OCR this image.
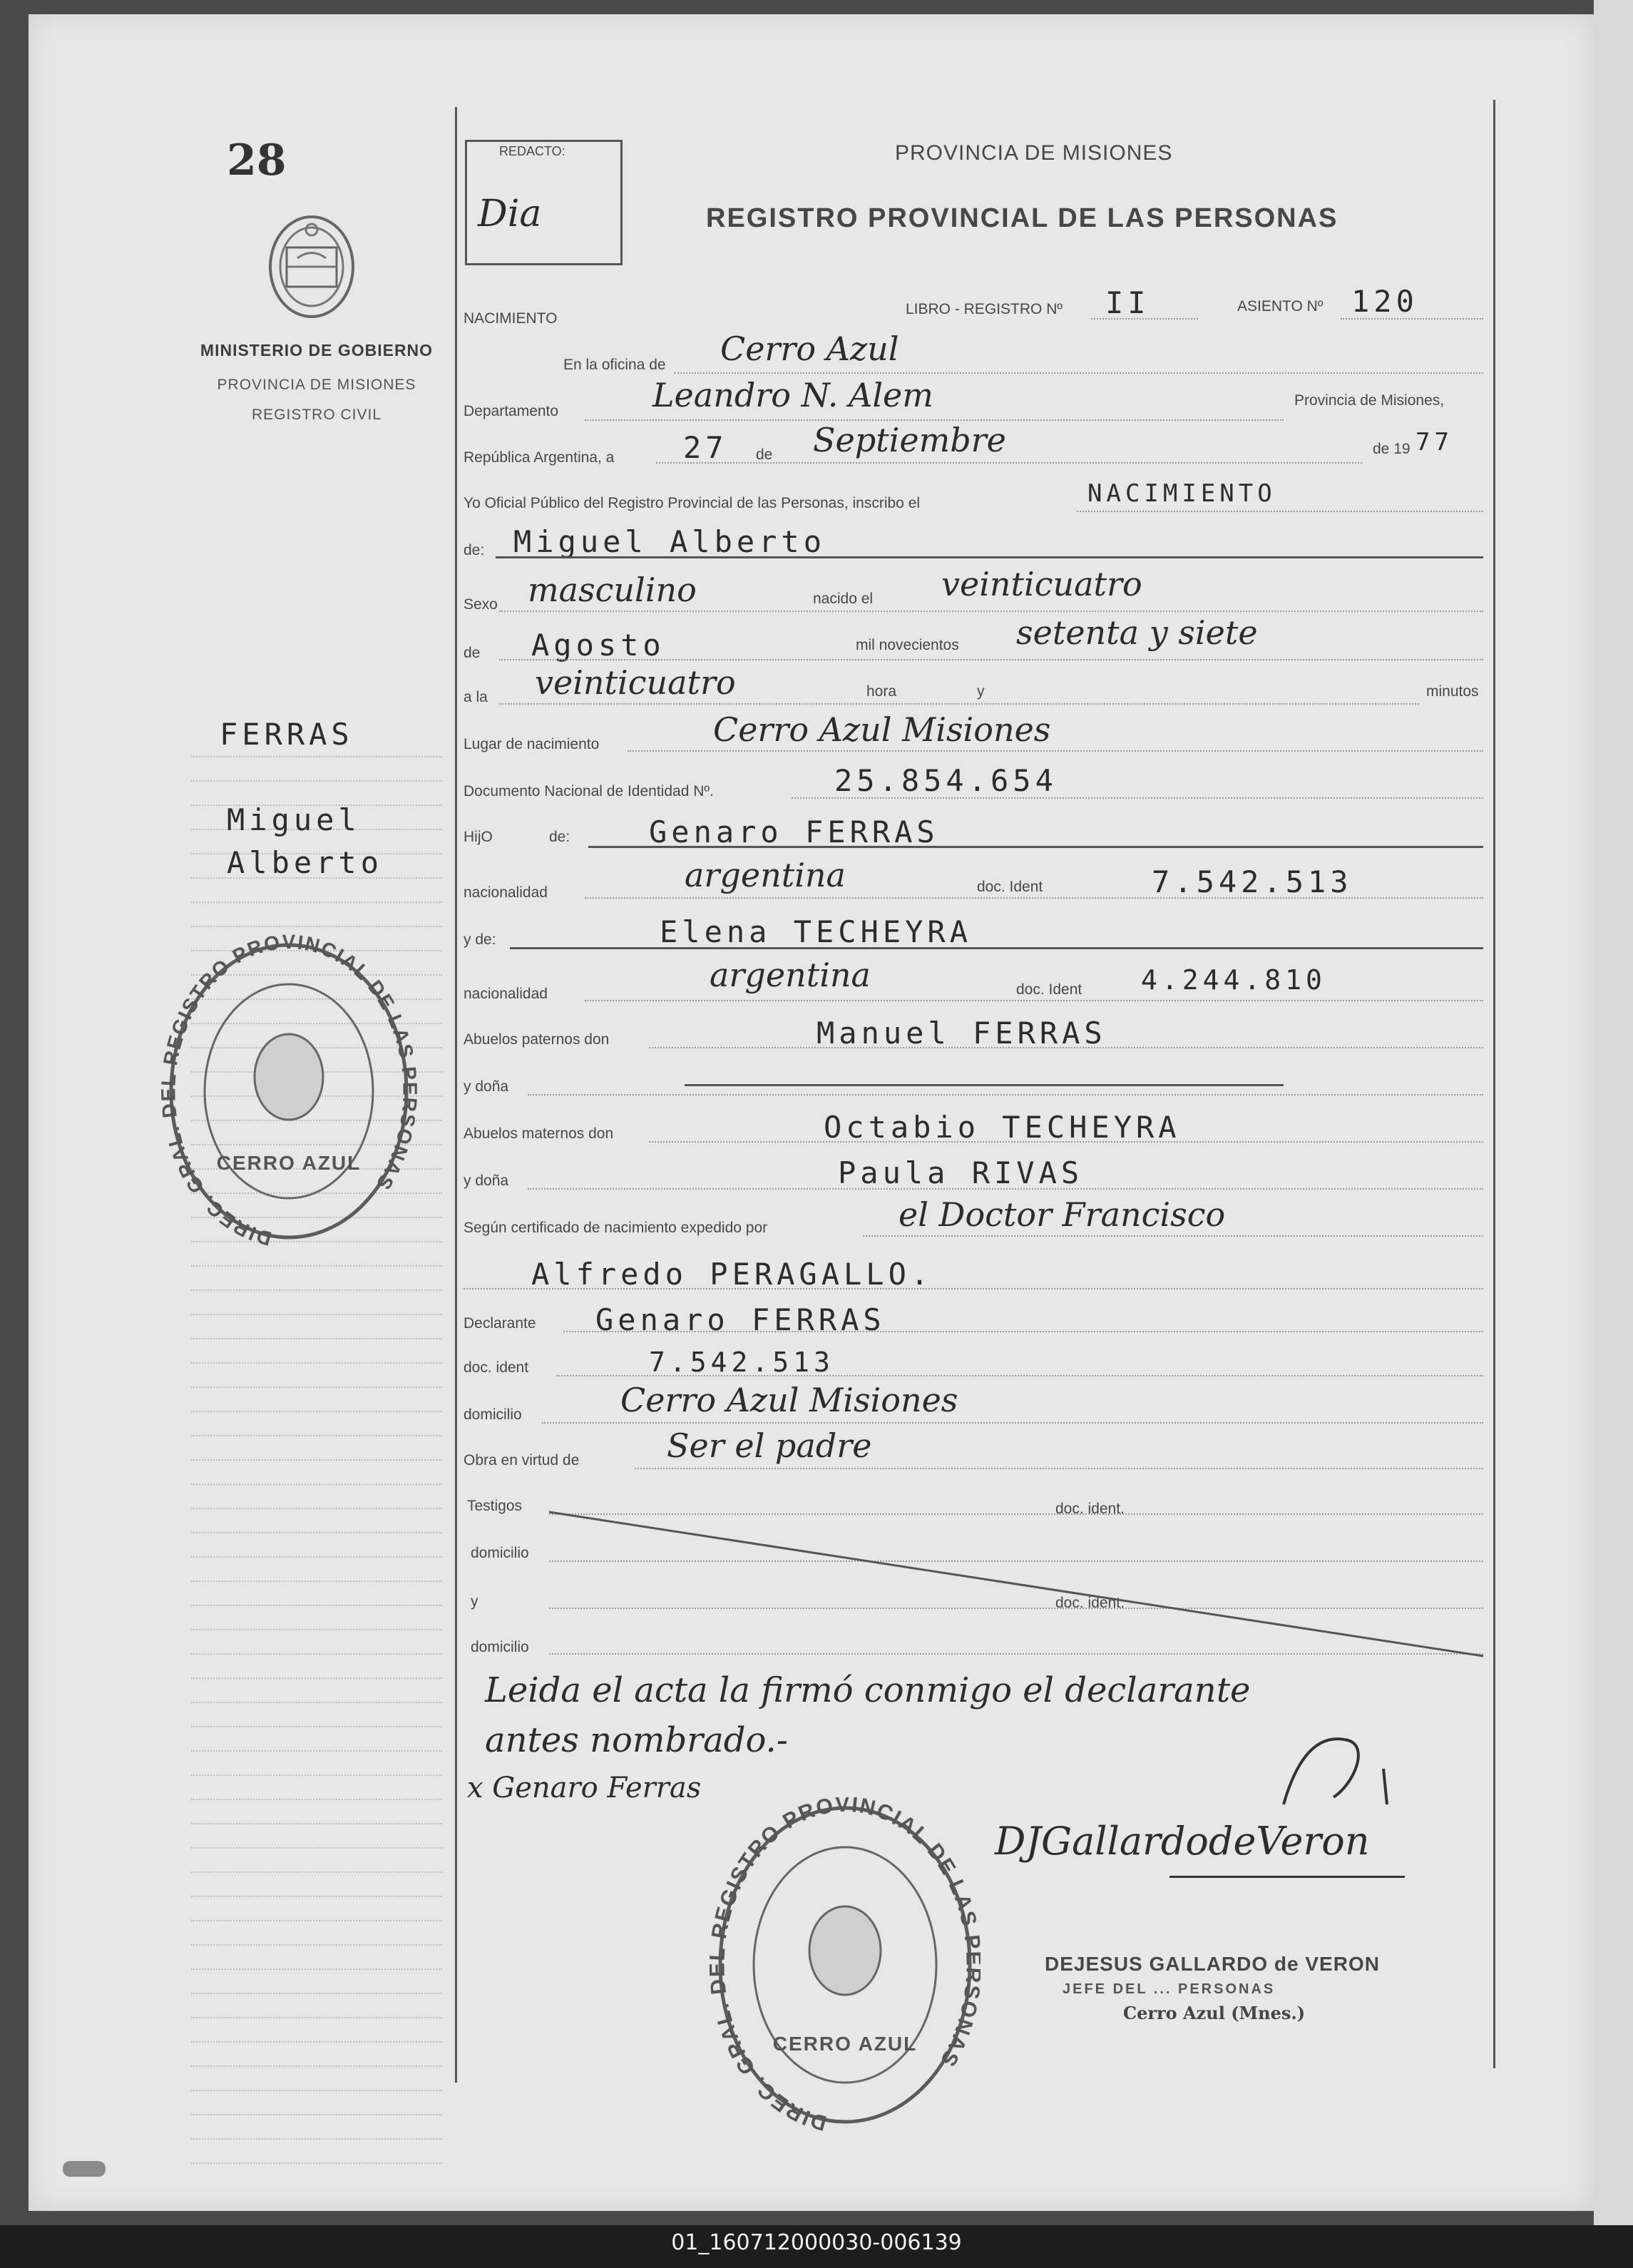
28
MINISTERIO DE GOBIERNO
PROVINCIA DE MISIONES
REGISTRO CIVIL
FERRAS
Miguel
Alberto
DIREC. GRAL. REGISTRO PROVINCIAL DE LAS ONAS
CERRO AZUL
REDACTO:
Dia
PROVINCIA DE MISIONES
REGISTRO PROVINCIAL DE LAS PERSONAS
NACIMIENTO
LIBRO - REGISTRO Nº II	ASIENTO Nº 120
En la oficina de Cerro Azul
Departamento	Leandro N. Alem	Provincia de Misiones,
República Argentina, a 27 de Septiembre	de 19 77
Yo Oficial Público del Registro Provincial de las Personas, inscribo el	NACIMIENTO
de: Miguel Alberto
Sexo masculino	nacido el veinticuatro
de Agosto	mil novecientos setenta y siete
a la veinticuatro	hora	y	minutos
Lugar de nacimiento	Cerro Azul Misiones
Documento Nacional de Identidad Nº.	25.854.654
HijO	de:	Genaro FERRAS
nacionalidad	argentina	doc. Ident	7.542.513
y de:	Elena TECHEYRA
nacionalidad	argentina	doc. Ident 4.244.810
Abuelos paternos don	Manuel FERRAS
y doña
Abuelos maternos don	Octabio TECHEYRA
y doña	Paula RIVAS
Según certificado de nacimiento expedido por	el Doctor Francisco
Alfredo PERAGALLO.
Declarante Genaro FERRAS
doc. ident	7.542.513
domicilio	Cerro Azul Misiones
Obra en virtud de	Ser el padre
Testigos	doc. ident.
domicilio
y	doc. ident.
domicilio
Leida el acta la firmó conmigo el declarante
antes nombrado.-
x Genaro Ferras
DJGallardodeVeron
DEJESUS GALLARDO de VERON
JEFE DEL ... PERSONAS
Cerro Azul (Mnes.)
DIREC. GRAL. REGISTRO PROVINCIAL DE LAS ONAS
CERRO AZUL
01_160712000030-006139
